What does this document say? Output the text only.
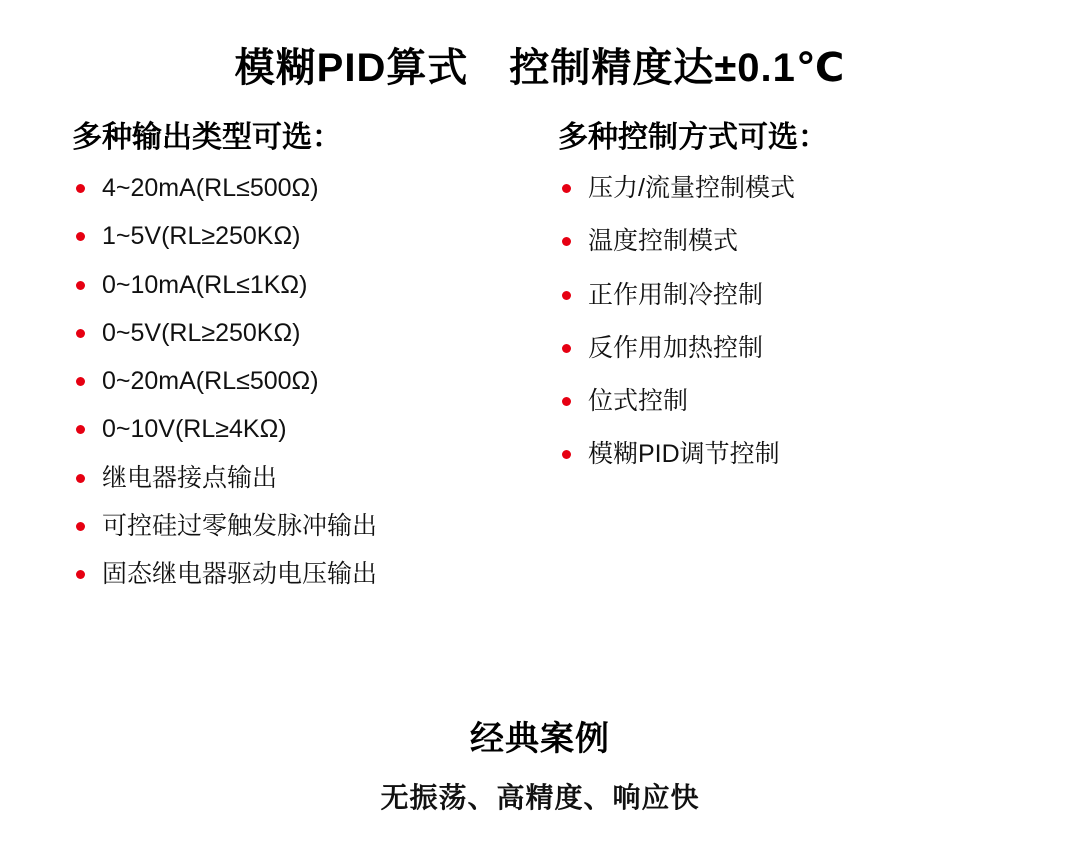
模糊PID算式　控制精度达±0.1℃
多种输出类型可选：
4~20mA(RL≤500Ω)
1~5V(RL≥250KΩ)
0~10mA(RL≤1KΩ)
0~5V(RL≥250KΩ)
0~20mA(RL≤500Ω)
0~10V(RL≥4KΩ)
继电器接点输出
可控硅过零触发脉冲输出
固态继电器驱动电压输出
多种控制方式可选：
压力/流量控制模式
温度控制模式
正作用制冷控制
反作用加热控制
位式控制
模糊PID调节控制
经典案例
无振荡、高精度、响应快
